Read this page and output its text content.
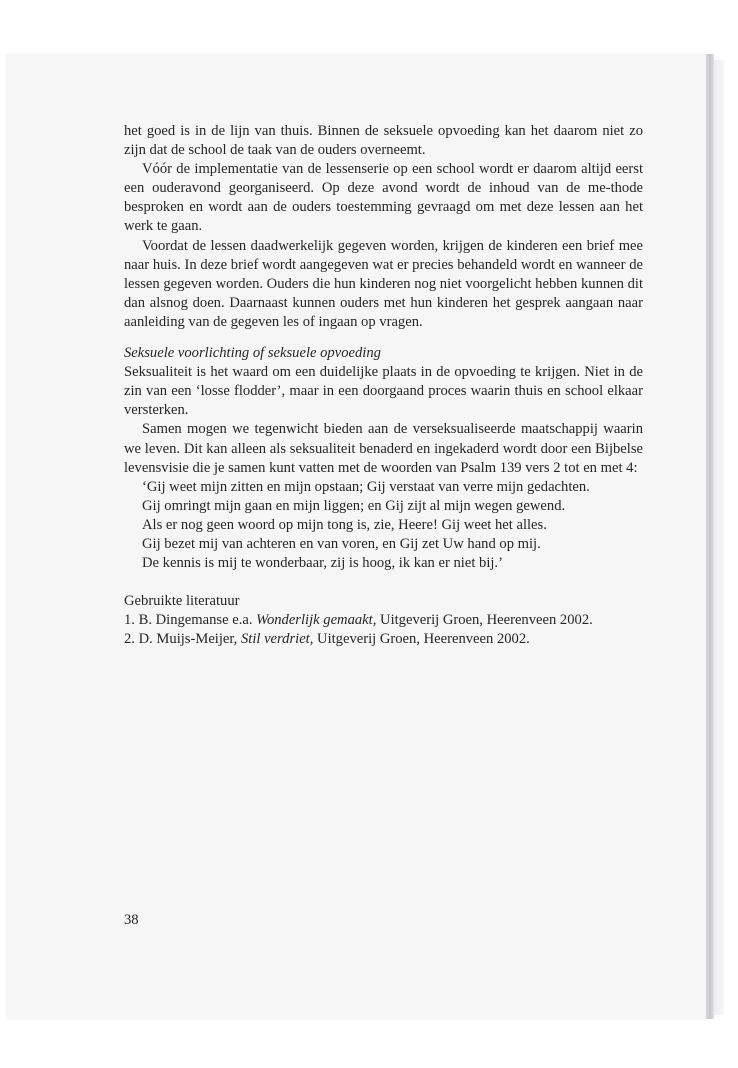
het goed is in de lijn van thuis. Binnen de seksuele opvoeding kan het daarom niet zo zijn dat de school de taak van de ouders overneemt.

Vóór de implementatie van de lessenserie op een school wordt er daarom altijd eerst een ouderavond georganiseerd. Op deze avond wordt de inhoud van de me-thode besproken en wordt aan de ouders toestemming gevraagd om met deze lessen aan het werk te gaan.

Voordat de lessen daadwerkelijk gegeven worden, krijgen de kinderen een brief mee naar huis. In deze brief wordt aangegeven wat er precies behandeld wordt en wanneer de lessen gegeven worden. Ouders die hun kinderen nog niet voorgelicht hebben kunnen dit dan alsnog doen. Daarnaast kunnen ouders met hun kinderen het gesprek aangaan naar aanleiding van de gegeven les of ingaan op vragen.

Seksuele voorlichting of seksuele opvoeding

Seksualiteit is het waard om een duidelijke plaats in de opvoeding te krijgen. Niet in de zin van een ‘losse flodder’, maar in een doorgaand proces waarin thuis en school elkaar versterken.

Samen mogen we tegenwicht bieden aan de verseksualiseerde maatschappij waarin we leven. Dit kan alleen als seksualiteit benaderd en ingekaderd wordt door een Bijbelse levensvisie die je samen kunt vatten met de woorden van Psalm 139 vers 2 tot en met 4:

‘Gij weet mijn zitten en mijn opstaan; Gij verstaat van verre mijn gedachten.
Gij omringt mijn gaan en mijn liggen; en Gij zijt al mijn wegen gewend.
Als er nog geen woord op mijn tong is, zie, Heere! Gij weet het alles.
Gij bezet mij van achteren en van voren, en Gij zet Uw hand op mij.
De kennis is mij te wonderbaar, zij is hoog, ik kan er niet bij.’
Gebruikte literatuur
1. B. Dingemanse e.a. Wonderlijk gemaakt, Uitgeverij Groen, Heerenveen 2002.
2. D. Muijs-Meijer, Stil verdriet, Uitgeverij Groen, Heerenveen 2002.
38
